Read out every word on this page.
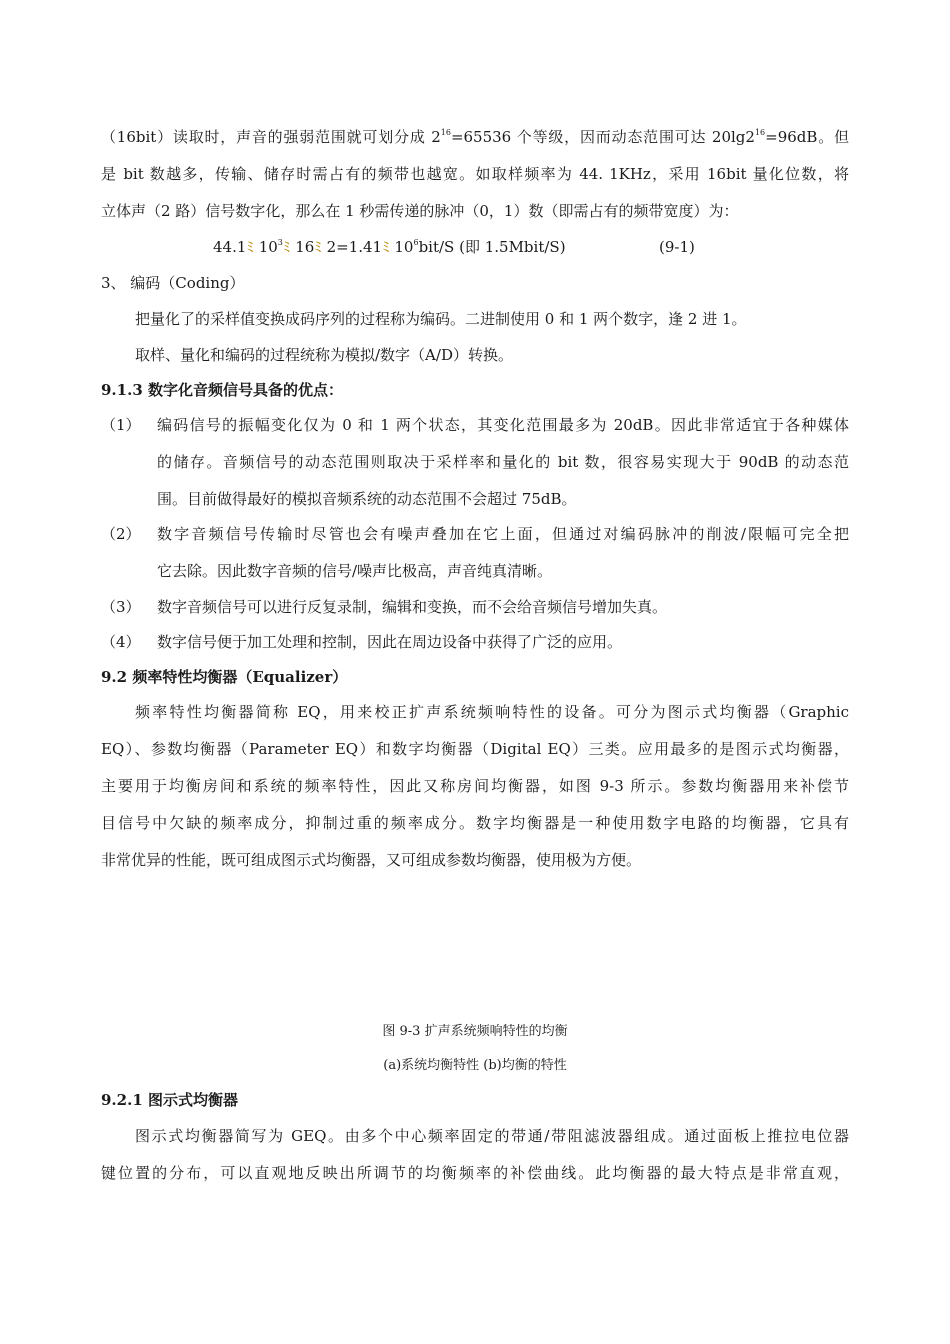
（16bit）读取时，声音的强弱范围就可划分成 $2^{16}=65536$ 个等级，因而动态范围可达 $20\lg 2^{16}=96dB$。但
是 bit 数越多，传输、储存时需占有的频带也越宽。如取样频率为 44. 1KHz，采用 16bit 量化位数，将
立体声（2 路）信号数字化，那么在 1 秒需传递的脉冲（0，1）数（即需占有的频带宽度）为：
44.1ﾐ $10^3$ﾐ 16ﾐ 2=1.41ﾐ $10^6bit/S$ (即 1.5Mbit/S)	(9-1)
3、 编码（Coding）
把量化了的采样值变换成码序列的过程称为编码。二进制使用 0 和 1 两个数字，逢 2 进 1。
取样、量化和编码的过程统称为模拟/数字（A/D）转换。
9.1.3 数字化音频信号具备的优点：
（1） 编码信号的振幅变化仅为 0 和 1 两个状态，其变化范围最多为 20dB。因此非常适宜于各种媒体
的储存。音频信号的动态范围则取决于采样率和量化的 bit 数，很容易实现大于 90dB 的动态范
围。目前做得最好的模拟音频系统的动态范围不会超过 75dB。
（2） 数字音频信号传输时尽管也会有噪声叠加在它上面，但通过对编码脉冲的削波/限幅可完全把
它去除。因此数字音频的信号/噪声比极高，声音纯真清晰。
（3） 数字音频信号可以进行反复录制，编辑和变换，而不会给音频信号增加失真。
（4） 数字信号便于加工处理和控制，因此在周边设备中获得了广泛的应用。
9.2 频率特性均衡器（Equalizer）
频率特性均衡器简称 EQ，用来校正扩声系统频响特性的设备。可分为图示式均衡器（Graphic
EQ）、参数均衡器（Parameter EQ）和数字均衡器（Digital EQ）三类。应用最多的是图示式均衡器，
主要用于均衡房间和系统的频率特性，因此又称房间均衡器，如图 9-3 所示。参数均衡器用来补偿节
目信号中欠缺的频率成分，抑制过重的频率成分。数字均衡器是一种使用数字电路的均衡器，它具有
非常优异的性能，既可组成图示式均衡器，又可组成参数均衡器，使用极为方便。
图 9-3 扩声系统频响特性的均衡
(a)系统均衡特性 (b)均衡的特性
9.2.1 图示式均衡器
图示式均衡器简写为 GEQ。由多个中心频率固定的带通/带阻滤波器组成。通过面板上推拉电位器
键位置的分布，可以直观地反映出所调节的均衡频率的补偿曲线。此均衡器的最大特点是非常直观，
